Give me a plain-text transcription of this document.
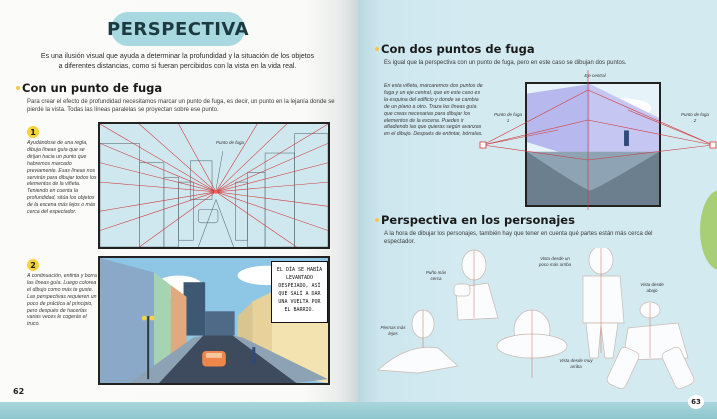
PERSPECTIVA
Es una ilusión visual que ayuda a determinar la profundidad y la situación de los objetos a diferentes distancias, como si fueran percibidos con la vista en la vida real.
Con un punto de fuga
Para crear el efecto de profundidad necesitamos marcar un punto de fuga, es decir, un punto en la lejanía donde se pierde la vista. Todas las líneas paralelas se proyectan sobre ese punto.
1
Ayudándose de una regla, dibuja líneas guía que se dirijan hacia un punto que habremos marcado previamente. Esas líneas nos servirán para dibujar todos los elementos de la viñeta. Teniendo en cuenta la profundidad, sitúa los objetos de la escena más lejos o más cerca del espectador.
Punto de fuga
2
A continuación, entinta y borra las líneas guía. Luego colorea el dibujo como más te guste. Las perspectivas requieren un poco de práctica al principio, pero después de hacerlas varias veces le cogerás el truco.
EL DÍA SE HABÍA LEVANTADO DESPEJADO, ASÍ QUE SALÍ A DAR UNA VUELTA POR EL BARRIO.
62
Con dos puntos de fuga
Es igual que la perspectiva con un punto de fuga, pero en este caso se dibujan dos puntos.
En esta viñeta, marcaremos dos puntos de fuga y un eje central, que en este caso es la esquina del edificio y donde se cambia de un plano a otro. Traza las líneas guía que creas necesarias para dibujar los elementos de la escena. Puedes ir añadiendo las que quieras según avanzas en el dibujo. Después de entintar, bórralas.
Eje central
Punto de fuga 1
Punto de fuga 2
Perspectiva en los personajes
A la hora de dibujar los personajes, también hay que tener en cuenta qué partes están más cerca del espectador.
Puño más cerca
Piernas más lejos
Vista desde un poco más arriba
Vista desde abajo
Vista desde muy arriba
63
